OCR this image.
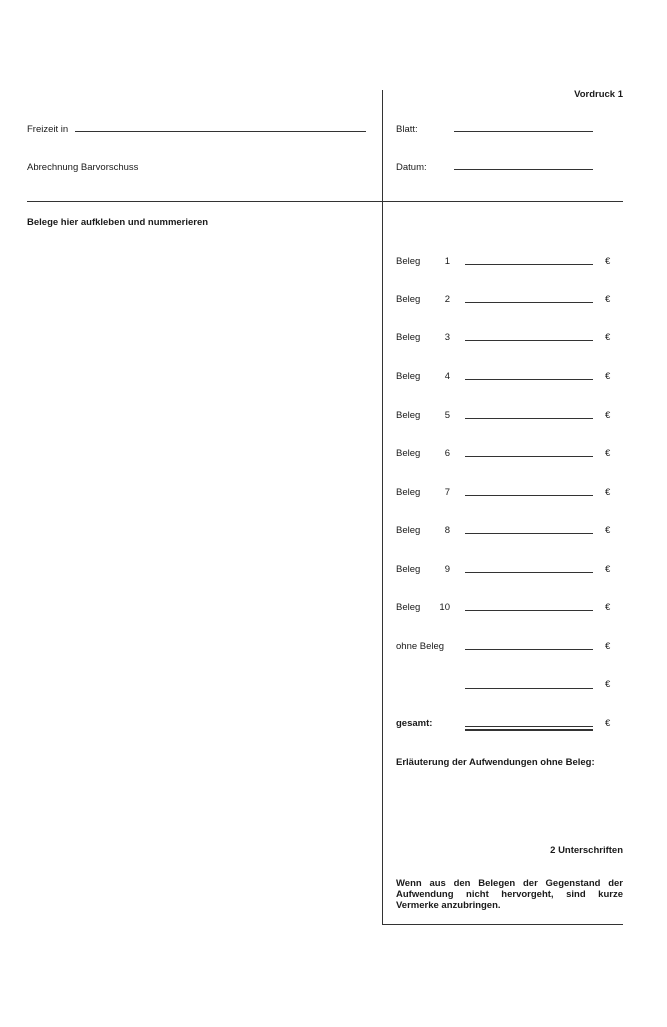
Vordruck 1
Freizeit in
Abrechnung Barvorschuss
Blatt:
Datum:
Belege hier aufkleben und nummerieren
Beleg	1	€
Beleg	2	€
Beleg	3	€
Beleg	4	€
Beleg	5	€
Beleg	6	€
Beleg	7	€
Beleg	8	€
Beleg	9	€
Beleg	10	€
ohne Beleg	€
€
gesamt:	€
Erläuterung der Aufwendungen ohne Beleg:
2 Unterschriften
Wenn aus den Belegen der Gegenstand der Aufwendung nicht hervorgeht, sind kurze Vermerke anzubringen.
